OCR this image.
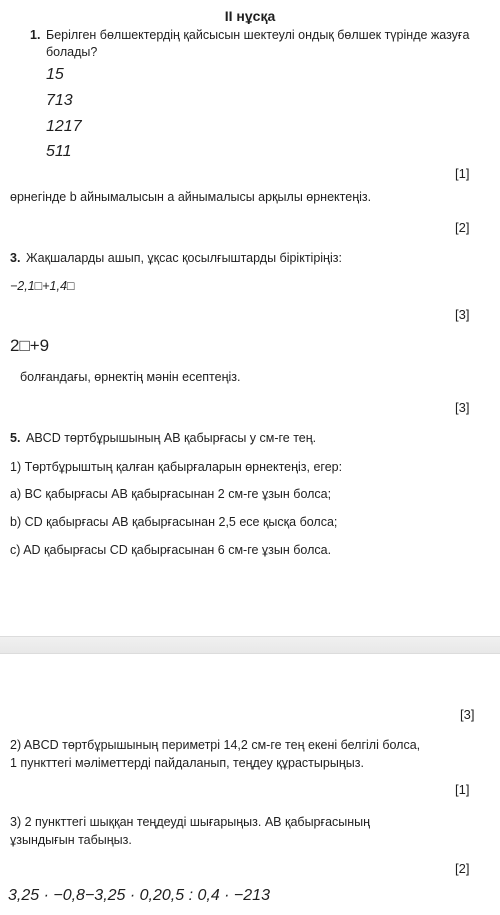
II нұсқа
1. Берілген бөлшектердің қайсысын шектеулі ондық бөлшек түрінде жазуға болады?
15
713
1217
511
[1]
өрнегінде b айнымалысын a айнымалысы арқылы өрнектеңіз.
[2]
3. Жақшаларды ашып, ұқсас қосылғыштарды біріктіріңіз:
−2,1□+1,4□
[3]
2□+9
болғандағы, өрнектің мәнін есептеңіз.
[3]
5. ABCD төртбұрышының AB қабырғасы у см-ге тең.
1) Төртбұрыштың қалған қабырғаларын өрнектеңіз, егер:
а) BC қабырғасы AB қабырғасынан 2 см-ге ұзын болса;
b) CD қабырғасы AB қабырғасынан 2,5 есе қысқа болса;
c) AD қабырғасы CD қабырғасынан 6 см-ге ұзын болса.
[3]
2) ABCD төртбұрышының периметрі 14,2 см-ге тең екені белгілі болса,
1 пункттегі мәліметтерді пайдаланып, теңдеу құрастырыңыз.
[1]
3) 2 пункттегі шыққан теңдеуді шығарыңыз. AB қабырғасының
ұзындығын табыңыз.
[2]
3,25 · −0,8−3,25 · 0,20,5 : 0,4 · −213
